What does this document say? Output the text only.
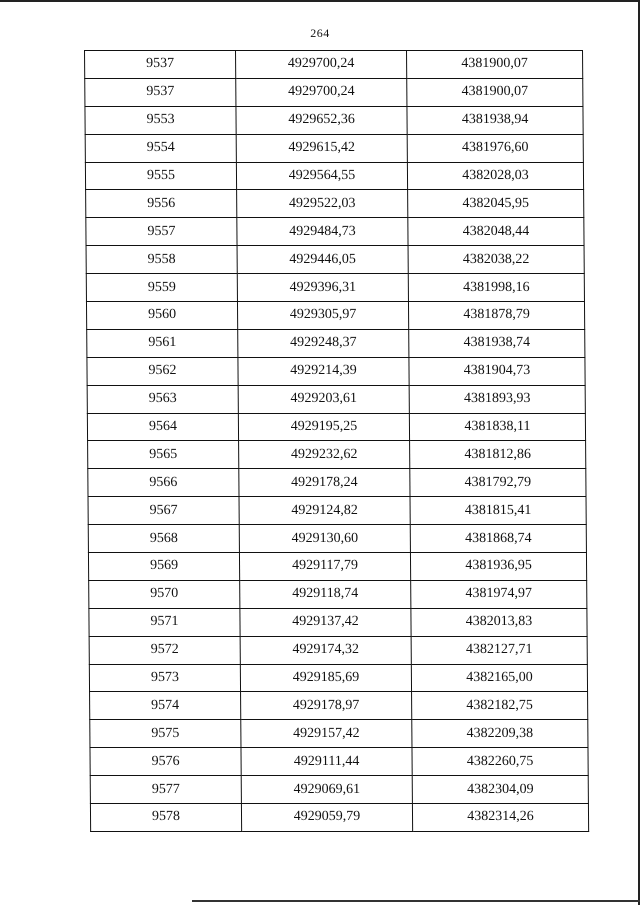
264
9537	4929700,24	4381900,07
9537	4929700,24	4381900,07
9553	4929652,36	4381938,94
9554	4929615,42	4381976,60
9555	4929564,55	4382028,03
9556	4929522,03	4382045,95
9557	4929484,73	4382048,44
9558	4929446,05	4382038,22
9559	4929396,31	4381998,16
9560	4929305,97	4381878,79
9561	4929248,37	4381938,74
9562	4929214,39	4381904,73
9563	4929203,61	4381893,93
9564	4929195,25	4381838,11
9565	4929232,62	4381812,86
9566	4929178,24	4381792,79
9567	4929124,82	4381815,41
9568	4929130,60	4381868,74
9569	4929117,79	4381936,95
9570	4929118,74	4381974,97
9571	4929137,42	4382013,83
9572	4929174,32	4382127,71
9573	4929185,69	4382165,00
9574	4929178,97	4382182,75
9575	4929157,42	4382209,38
9576	4929111,44	4382260,75
9577	4929069,61	4382304,09
9578	4929059,79	4382314,26
